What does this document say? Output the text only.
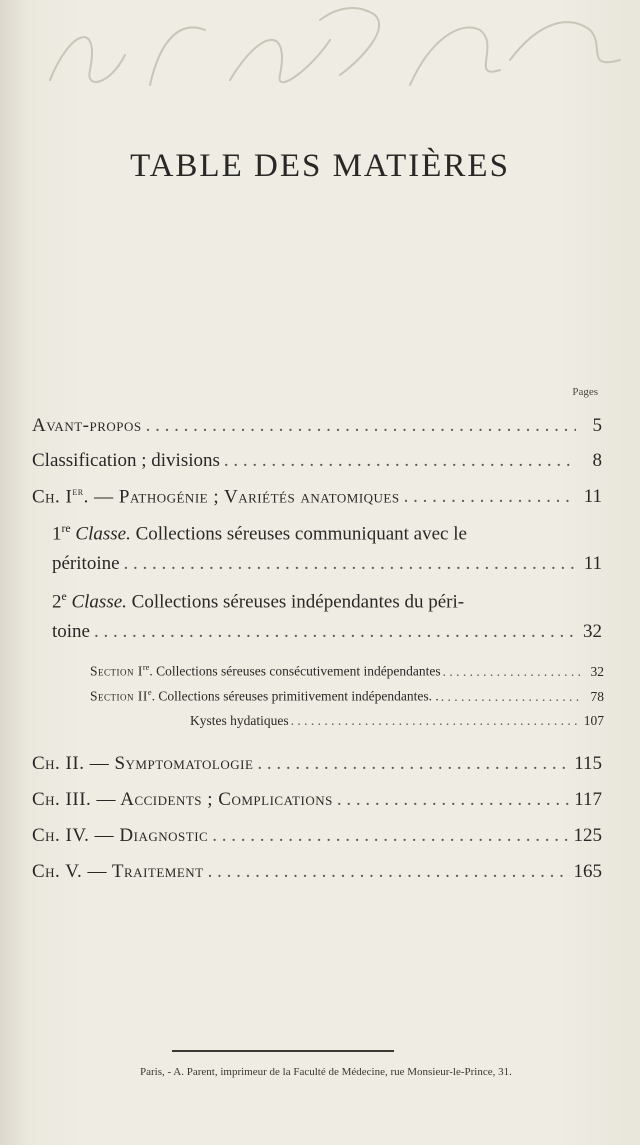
TABLE DES MATIÈRES
Pages
Avant-propos . . .	5
Classification ; divisions . . .	8
Ch. Ier. — Pathogénie ; Variétés anatomiques . . .	11
1re Classe. Collections séreuses communiquant avec le
péritoine . . .	11
2e Classe. Collections séreuses indépendantes du péri-
toine . . .	32
Section Ire. Collections séreuses consécutivement indépendantes . . .	32
Section IIe. Collections séreuses primitivement indépendantes. . . . .	78
Kystes hydatiques . . .	107
Ch. II. — Symptomatologie . . .	115
Ch. III. — Accidents ; Complications . . .	117
Ch. IV. — Diagnostic . . .	125
Ch. V. — Traitement . . .	165
Paris, - A. Parent, imprimeur de la Faculté de Médecine, rue Monsieur-le-Prince, 31.
